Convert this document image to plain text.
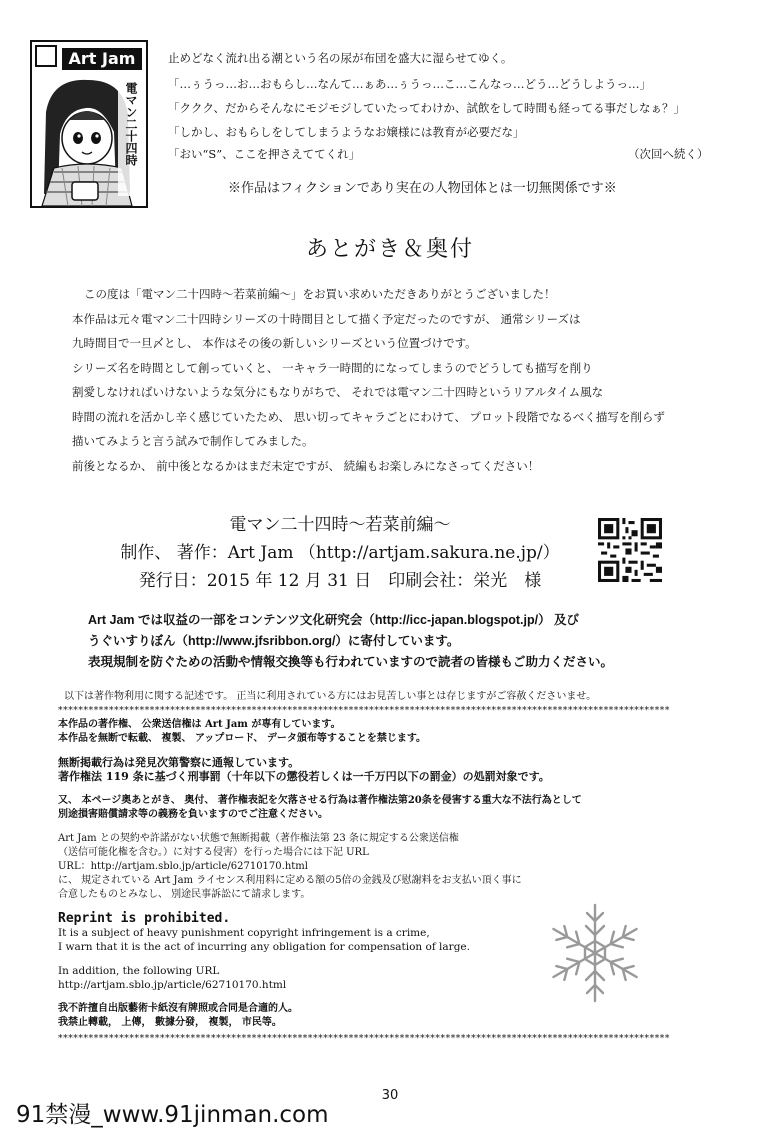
Art Jam
電マン二十四時
止めどなく流れ出る潮という名の尿が布団を盛大に湿らせてゆく。
「…ぅうっ…お…おもらし…なんて…ぁあ…ぅうっ…こ…こんなっ…どう…どうしようっ…」
「ククク、だからそんなにモジモジしていたってわけか、試飲をして時間も経ってる事だしなぁ？」
「しかし、おもらしをしてしまうようなお嬢様には教育が必要だな」
「おい“S”、ここを押さえててくれ」	（次回へ続く）
※作品はフィクションであり実在の人物団体とは一切無関係です※
あとがき＆奥付
この度は「電マン二十四時～若菜前編～」をお買い求めいただきありがとうございました！
本作品は元々電マン二十四時シリーズの十時間目として描く予定だったのですが、 通常シリーズは
九時間目で一旦〆とし、 本作はその後の新しいシリーズという位置づけです。
シリーズ名を時間として創っていくと、 一キャラ一時間的になってしまうのでどうしても描写を削り
割愛しなければいけないような気分にもなりがちで、 それでは電マン二十四時というリアルタイム風な
時間の流れを活かし辛く感じていたため、 思い切ってキャラごとにわけて、 プロット段階でなるべく描写を削らず
描いてみようと言う試みで制作してみました。
前後となるか、 前中後となるかはまだ未定ですが、 続編もお楽しみになさってください！
電マン二十四時～若菜前編～
制作、 著作：Art Jam （http://artjam.sakura.ne.jp/）
発行日：2015 年 12 月 31 日　印刷会社：栄光　様
Art Jam では収益の一部をコンテンツ文化研究会（http://icc-japan.blogspot.jp/） 及び
うぐいすりぼん（http://www.jfsribbon.org/）に寄付しています。
表現規制を防ぐための活動や情報交換等も行われていますので読者の皆様もご助力ください。
以下は著作物利用に関する記述です。 正当に利用されている方にはお見苦しい事とは存じますがご容赦くださいませ。
************************************************************************************************************************
本作品の著作権、 公衆送信権は Art Jam が専有しています。
本作品を無断で転載、 複製、 アップロード、 データ頒布等することを禁じます。
無断掲載行為は発見次第警察に通報しています。
著作権法 119 条に基づく刑事罰（十年以下の懲役若しくは一千万円以下の罰金）の処罰対象です。
又、 本ページ奥あとがき、 奥付、 著作権表記を欠落させる行為は著作権法第20条を侵害する重大な不法行為として
別途損害賠償請求等の義務を負いますのでご注意ください。
Art Jam との契約や許諾がない状態で無断掲載（著作権法第 23 条に規定する公衆送信権
（送信可能化権を含む。）に対する侵害）を行った場合には下記 URL
URL：http://artjam.sblo.jp/article/62710170.html
に、 規定されている Art Jam ライセンス利用料に定める額の5倍の金銭及び慰謝料をお支払い頂く事に
合意したものとみなし、 別途民事訴訟にて請求します。
Reprint is prohibited.
It is a subject of heavy punishment copyright infringement is a crime,
I warn that it is the act of incurring any obligation for compensation of large.
In addition, the following URL
http://artjam.sblo.jp/article/62710170.html
我不許擅自出版藝術卡紙沒有牌照或合同是合適的人。
我禁止轉載， 上傳， 數據分發， 複製， 市民等。
************************************************************************************************************************
30
91禁漫_www.91jinman.com
